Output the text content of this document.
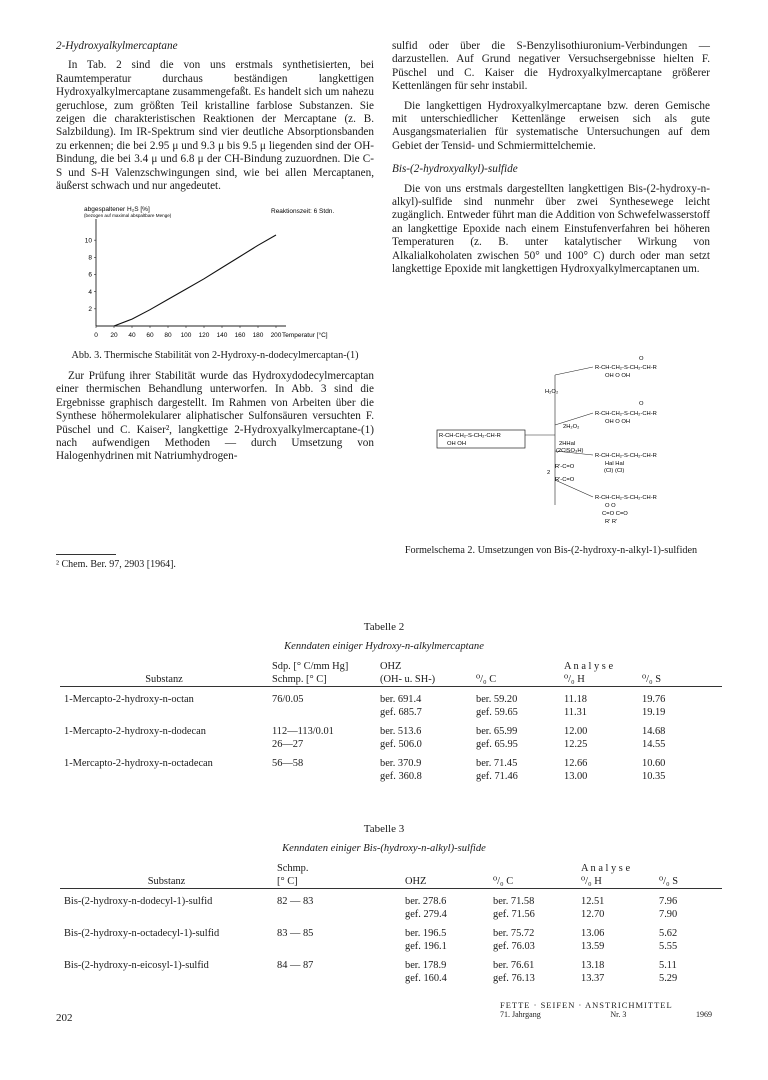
2-Hydroxyalkylmercaptane

In Tab. 2 sind die von uns erstmals synthetisierten, bei Raumtemperatur durchaus beständigen langkettigen Hydroxyalkylmercaptane zusammengefaßt. Es handelt sich um nahezu geruchlose, zum größten Teil kristalline farblose Substanzen. Sie zeigen die charakteristischen Reaktionen der Mercaptane (z. B. Salzbildung). Im IR-Spektrum sind vier deutliche Absorptionsbanden zu erkennen; die bei 2.95 μ und 9.3 μ bis 9.5 μ liegenden sind der OH-Bindung, die bei 3.4 μ und 6.8 μ der CH-Bindung zuzuordnen. Die C-S und S-H Valenzschwingungen sind, wie bei allen Mercaptanen, äußerst schwach und nur angedeutet.

abgespaltener H₂S [%]
(bezogen auf maximal abspaltbare Menge)
Reaktionszeit: 6 Stdn.
Temperatur [°C]
0 20 40 60 80 100 120 140 160 180 200
2
4
6
8
10
Abb. 3. Thermische Stabilität von 2-Hydroxy-n-dodecylmercaptan-(1)

Zur Prüfung ihrer Stabilität wurde das Hydroxydodecylmercaptan einer thermischen Behandlung unterworfen. In Abb. 3 sind die Ergebnisse graphisch dargestellt. Im Rahmen von Arbeiten über die Synthese höhermolekularer aliphatischer Sulfonsäuren versuchten F. Püschel und C. Kaiser², langkettige 2-Hydroxyalkylmercaptane-(1) nach aufwendigen Methoden — durch Umsetzung von Halogenhydrinen mit Natriumhydrogen-

² Chem. Ber. 97, 2903 [1964].

sulfid oder über die S-Benzylisothiuronium-Verbindungen — darzustellen. Auf Grund negativer Versuchsergebnisse hielten F. Püschel und C. Kaiser die Hydroxyalkylmercaptane größerer Kettenlängen für sehr instabil.

Die langkettigen Hydroxyalkylmercaptane bzw. deren Gemische mit unterschiedlicher Kettenlänge erweisen sich als gute Ausgangsmaterialien für systematische Untersuchungen auf dem Gebiet der Tensid- und Schmiermittelchemie.

Bis-(2-hydroxyalkyl)-sulfide

Die von uns erstmals dargestellten langkettigen Bis-(2-hydroxy-n-alkyl)-sulfide sind nunmehr über zwei Synthesewege leicht zugänglich. Entweder führt man die Addition von Schwefelwasserstoff an langkettige Epoxide nach einem Einstufenverfahren bei höheren Temperaturen (z. B. unter katalytischer Wirkung von Alkalialkoholaten zwischen 50° und 100° C) durch oder man setzt langkettige Epoxide mit langkettigen Hydroxyalkylmercaptanen um.

R-CH-CH₂-S-CH₂-CH-R
OH OH
H₂O₂
O
R-CH-CH₂-S-CH₂-CH-R
OH O OH
2H₂O₂
O
R-CH-CH₂-S-CH₂-CH-R
OH O OH
2HHal
(2ClSO₃H)
R-CH-CH₂-S-CH₂-CH-R
Hal Hal
(Cl) (Cl)
2
R'-C=O
R'-C=O
R-CH-CH₂-S-CH₂-CH-R
O O
C=O C=O
R' R'
Formelschema 2. Umsetzungen von Bis-(2-hydroxy-n-alkyl-1)-sulfiden
Tabelle 2
Kenndaten einiger Hydroxy-n-alkylmercaptane
	Sdp. [° C/mm Hg]	OHZ		A n a l y s e	
Substanz	Schmp. [° C]	(OH- u. SH-)	⁰/₀ C	⁰/₀ H	⁰/₀ S

1-Mercapto-2-hydroxy-n-octan	76/0.05	ber. 691.4	ber. 59.20	11.18	19.76
		gef. 685.7	gef. 59.65	11.31	19.19

1-Mercapto-2-hydroxy-n-dodecan	112—113/0.01	ber. 513.6	ber. 65.99	12.00	14.68
	26—27	gef. 506.0	gef. 65.95	12.25	14.55

1-Mercapto-2-hydroxy-n-octadecan	56—58	ber. 370.9	ber. 71.45	12.66	10.60
		gef. 360.8	gef. 71.46	13.00	10.35
Tabelle 3
Kenndaten einiger Bis-(hydroxy-n-alkyl)-sulfide
	Schmp.			A n a l y s e	
Substanz	[° C]	OHZ	⁰/₀ C	⁰/₀ H	⁰/₀ S

Bis-(2-hydroxy-n-dodecyl-1)-sulfid	82 — 83	ber. 278.6	ber. 71.58	12.51	7.96
		gef. 279.4	gef. 71.56	12.70	7.90

Bis-(2-hydroxy-n-octadecyl-1)-sulfid	83 — 85	ber. 196.5	ber. 75.72	13.06	5.62
		gef. 196.1	gef. 76.03	13.59	5.55

Bis-(2-hydroxy-n-eicosyl-1)-sulfid	84 — 87	ber. 178.9	ber. 76.61	13.18	5.11
		gef. 160.4	gef. 76.13	13.37	5.29
202
FETTE · SEIFEN · ANSTRICHMITTEL
71. Jahrgang	Nr. 3	1969
